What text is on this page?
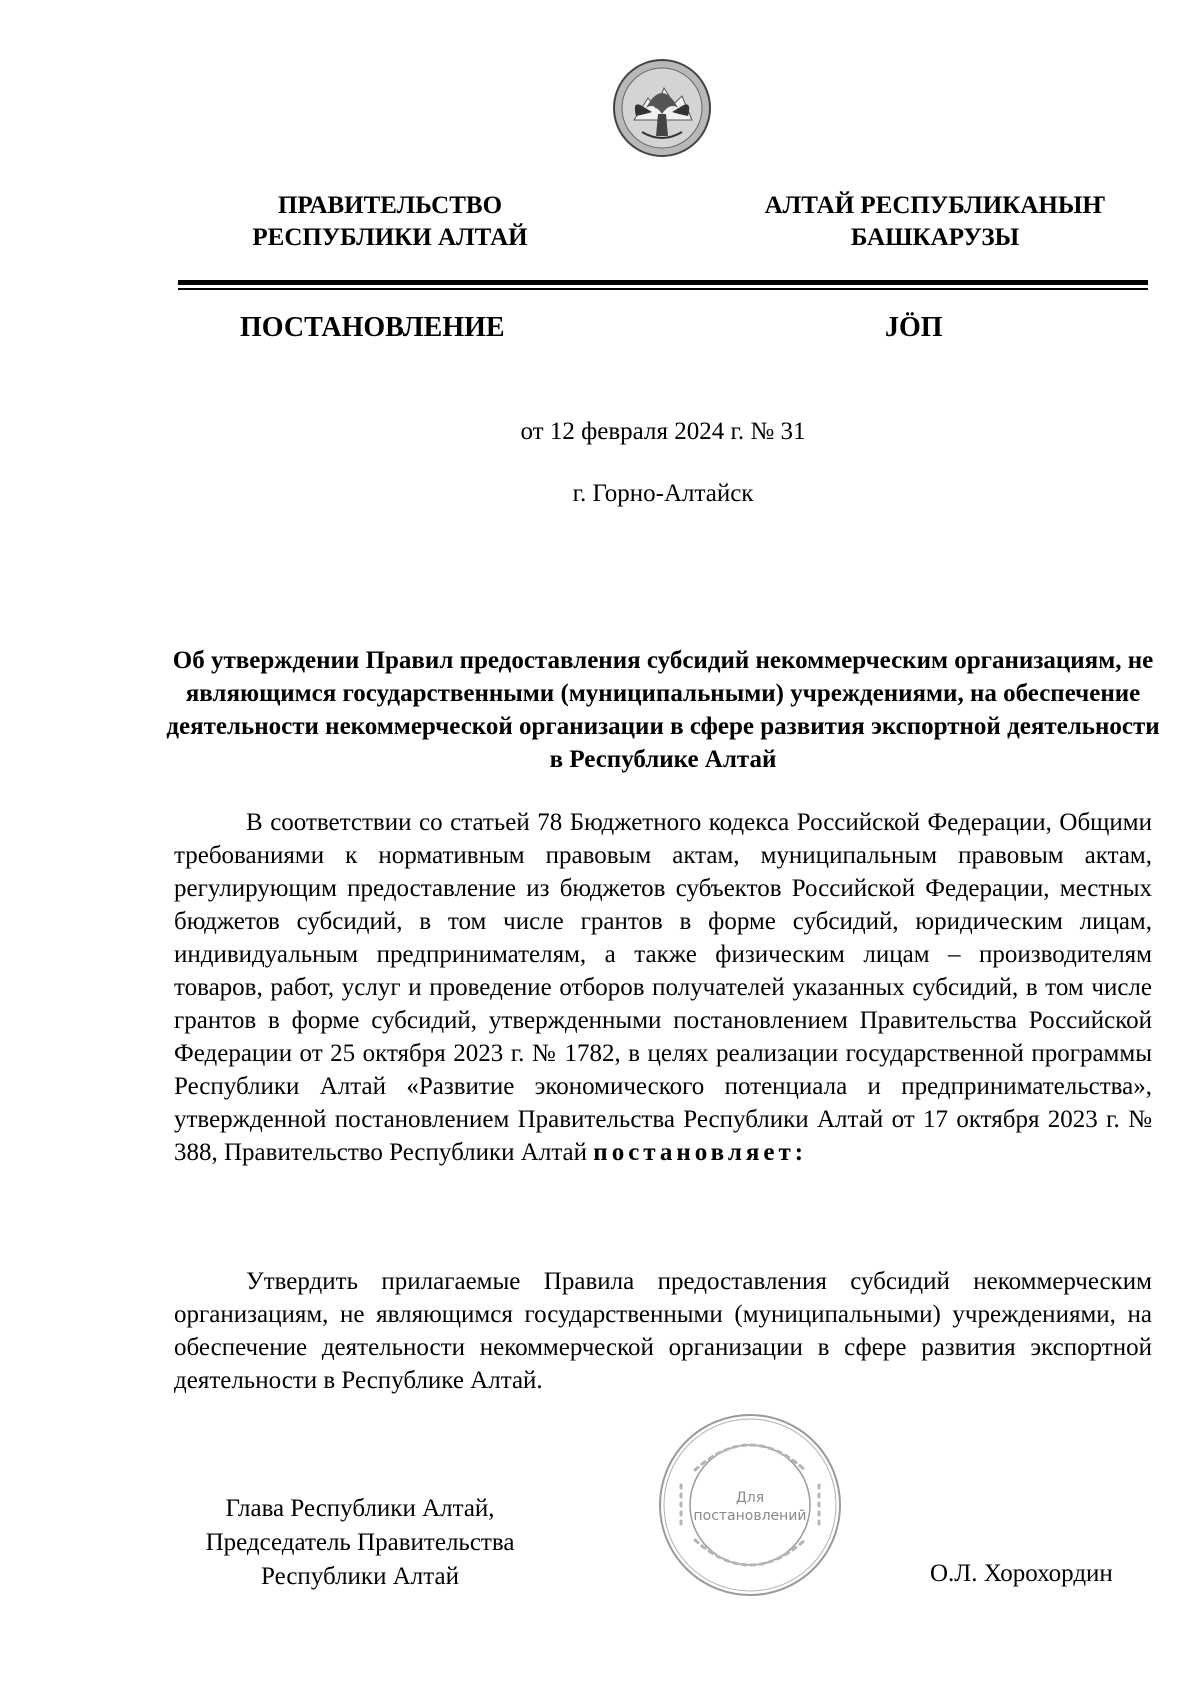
ПРАВИТЕЛЬСТВО
РЕСПУБЛИКИ АЛТАЙ
АЛТАЙ РЕСПУБЛИКАНЫҤ
БАШКАРУЗЫ
ПОСТАНОВЛЕНИЕ	JӦП
от 12 февраля 2024 г. № 31
г. Горно-Алтайск
Об утверждении Правил предоставления субсидий некоммерческим организациям, не являющимся государственными (муниципальными) учреждениями, на обеспечение деятельности некоммерческой организации в сфере развития экспортной деятельности в Республике Алтай
В соответствии со статьей 78 Бюджетного кодекса Российской Федерации, Общими требованиями к нормативным правовым актам, муниципальным правовым актам, регулирующим предоставление из бюджетов субъектов Российской Федерации, местных бюджетов субсидий, в том числе грантов в форме субсидий, юридическим лицам, индивидуальным предпринимателям, а также физическим лицам – производителям товаров, работ, услуг и проведение отборов получателей указанных субсидий, в том числе грантов в форме субсидий, утвержденными постановлением Правительства Российской Федерации от 25 октября 2023 г. № 1782, в целях реализации государственной программы Республики Алтай «Развитие экономического потенциала и предпринимательства», утвержденной постановлением Правительства Республики Алтай от 17 октября 2023 г. № 388, Правительство Республики Алтай постановляет:
Утвердить прилагаемые Правила предоставления субсидий некоммерческим организациям, не являющимся государственными (муниципальными) учреждениями, на обеспечение деятельности некоммерческой организации в сфере развития экспортной деятельности в Республике Алтай.
Глава Республики Алтай,
Председатель Правительства
Республики Алтай	О.Л. Хорохордин
Для
постановлений
